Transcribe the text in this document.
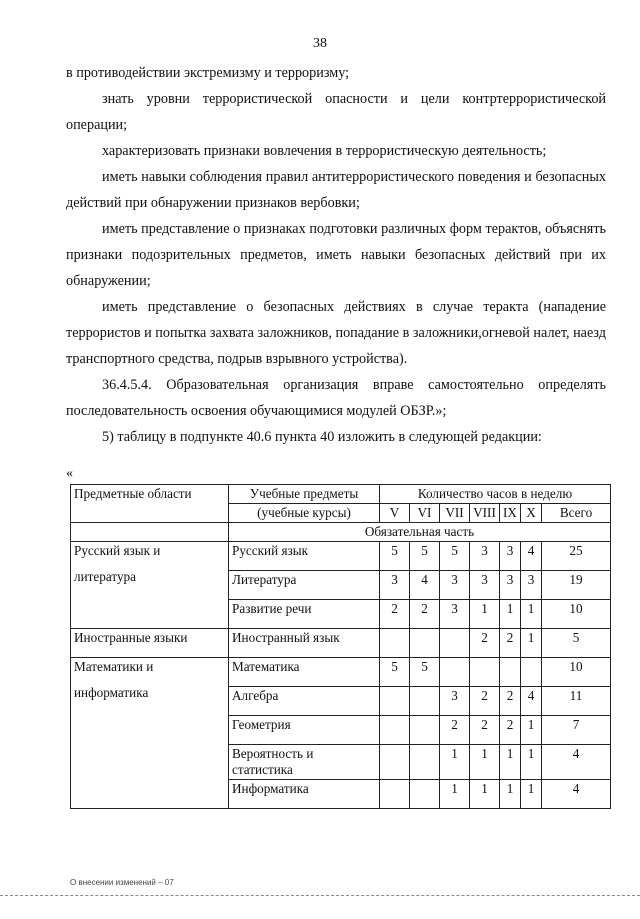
38

в противодействии экстремизму и терроризму;

знать уровни террористической опасности и цели контртеррористической операции;

характеризовать признаки вовлечения в террористическую деятельность;

иметь навыки соблюдения правил антитеррористического поведения и безопасных действий при обнаружении признаков вербовки;

иметь представление о признаках подготовки различных форм терактов, объяснять признаки подозрительных предметов, иметь навыки безопасных действий при их обнаружении;

иметь представление о безопасных действиях в случае теракта (нападение террористов и попытка захвата заложников, попадание в заложники,огневой налет, наезд транспортного средства, подрыв взрывного устройства).

36.4.5.4. Образовательная организация вправе самостоятельно определять последовательность освоения обучающимися модулей ОБЗР.»;

5) таблицу в подпункте 40.6 пункта 40 изложить в следующей редакции:

«
Предметные области	Учебные предметы	Количество часов в неделю						
	(учебные курсы)	V	VI	VII	VIII	IX	X	Всего
	Обязательная часть							

Русский язык и
литература	Русский язык	5	5	5	3	3	4	25
	Литература	3	4	3	3	3	3	19
	Развитие речи	2	2	3	1	1	1	10

Иностранные языки	Иностранный язык				2	2	1	5

Математики и
информатика	Математика	5	5					10
	Алгебра			3	2	2	4	11
	Геометрия			2	2	2	1	7
	Вероятность и статистика			1	1	1	1	4
	Информатика			1	1	1	1	4
О внесении изменений – 07
